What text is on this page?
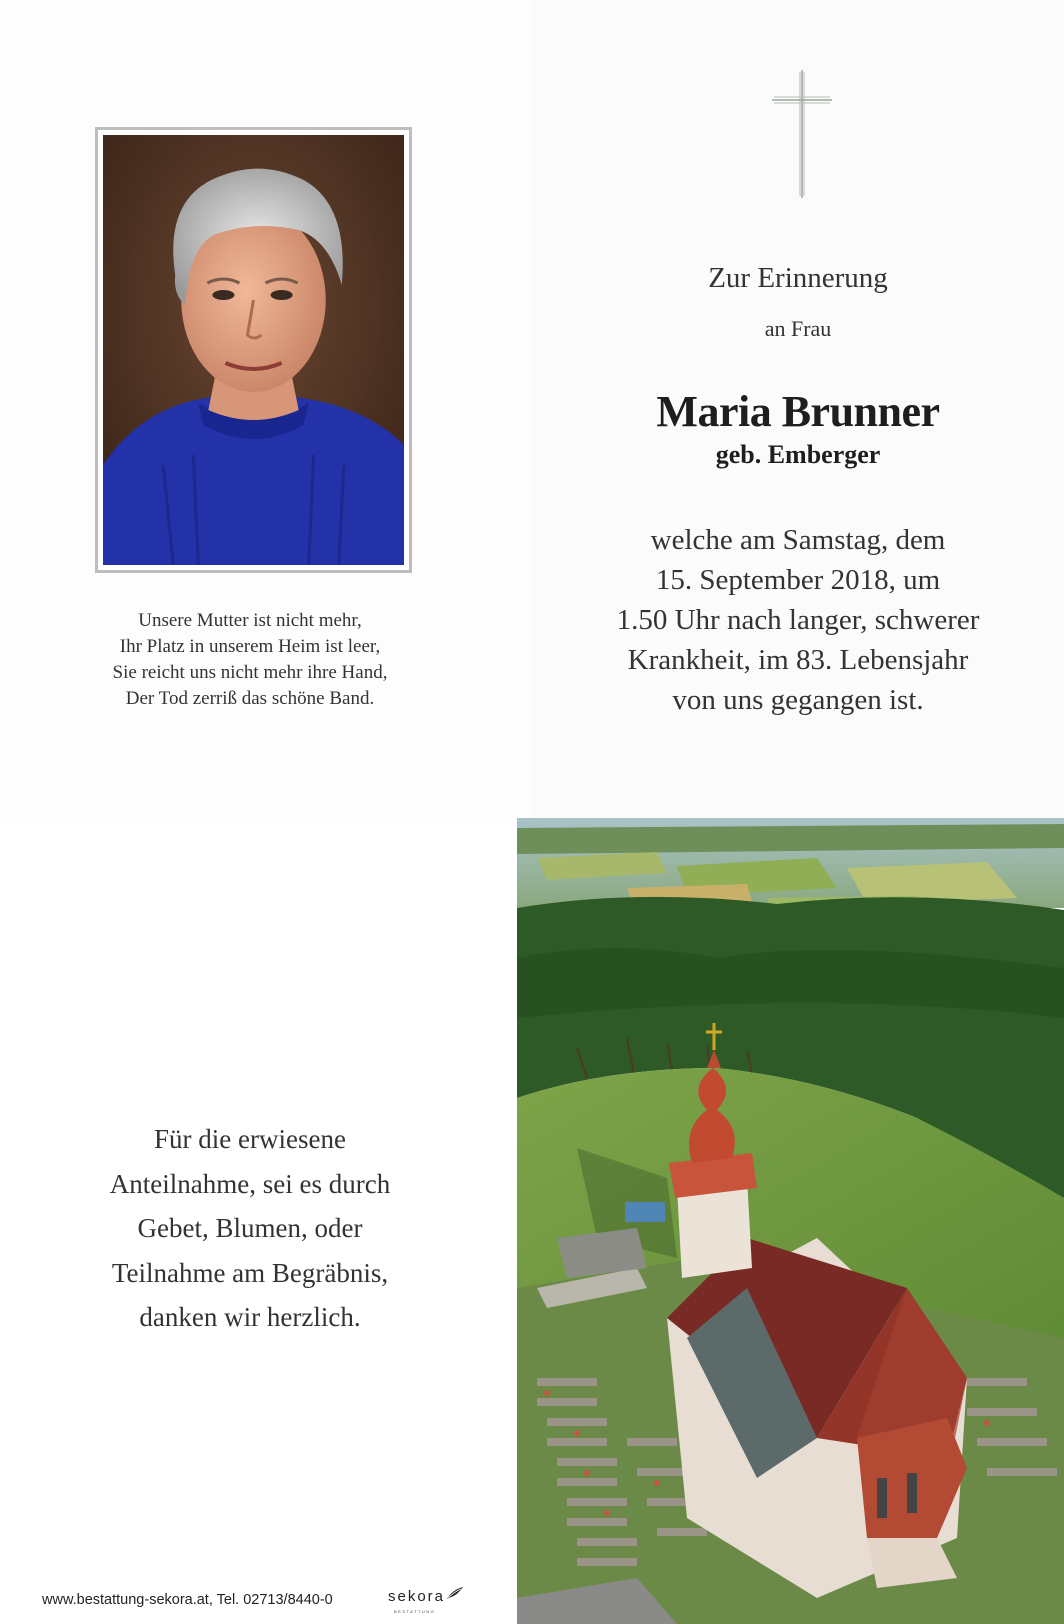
Unsere Mutter ist nicht mehr,
Ihr Platz in unserem Heim ist leer,
Sie reicht uns nicht mehr ihre Hand,
Der Tod zerriß das schöne Band.
Zur Erinnerung
an Frau
Maria Brunner
geb. Emberger
welche am Samstag, dem
15. September 2018, um
1.50 Uhr nach langer, schwerer
Krankheit, im 83. Lebensjahr
von uns gegangen ist.
Für die erwiesene
Anteilnahme, sei es durch
Gebet, Blumen, oder
Teilnahme am Begräbnis,
danken wir herzlich.
www.bestattung-sekora.at, Tel. 02713/8440-0	sekora
BESTATTUNG
